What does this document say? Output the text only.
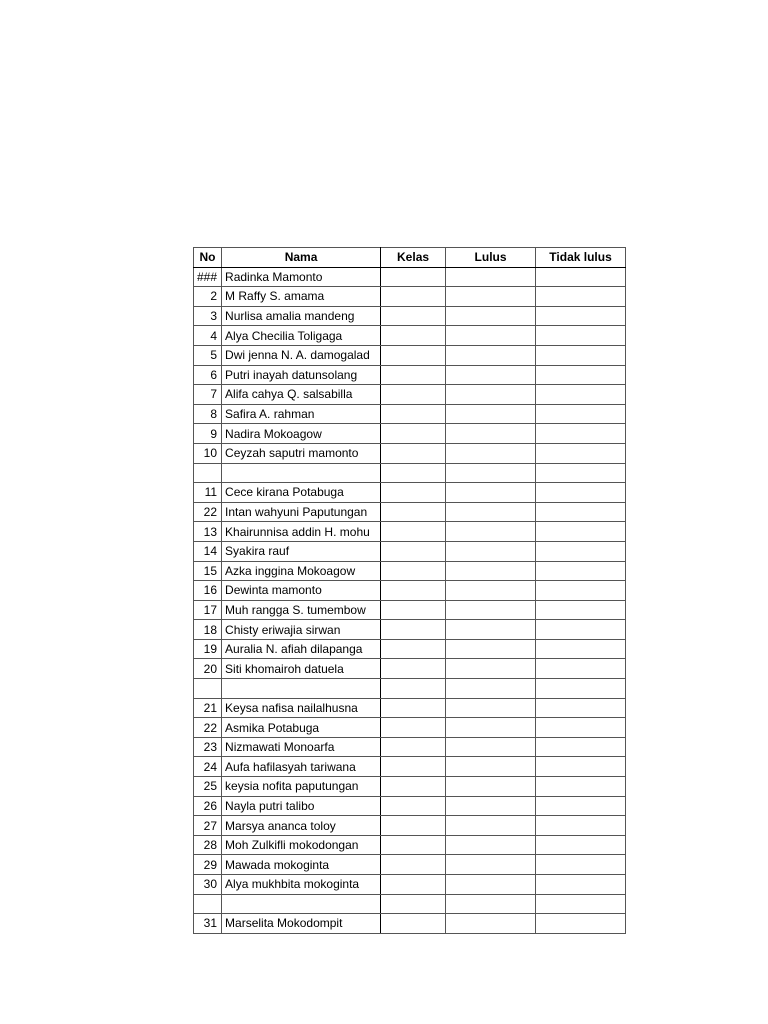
No	Nama	Kelas	Lulus	Tidak lulus
###	Radinka Mamonto			
2	M Raffy S. amama			
3	Nurlisa amalia mandeng			
4	Alya Checilia Toligaga			
5	Dwi jenna N. A. damogalad			
6	Putri inayah datunsolang			
7	Alifa cahya Q. salsabilla			
8	Safira A. rahman			
9	Nadira Mokoagow			
10	Ceyzah saputri mamonto			

11	Cece kirana Potabuga			
22	Intan wahyuni Paputungan			
13	Khairunnisa addin H. mohu			
14	Syakira rauf			
15	Azka inggina Mokoagow			
16	Dewinta mamonto			
17	Muh rangga S. tumembow			
18	Chisty eriwajia sirwan			
19	Auralia N. afiah dilapanga			
20	Siti khomairoh datuela			

21	Keysa nafisa nailalhusna			
22	Asmika Potabuga			
23	Nizmawati Monoarfa			
24	Aufa hafilasyah tariwana			
25	keysia nofita paputungan			
26	Nayla putri talibo			
27	Marsya ananca toloy			
28	Moh Zulkifli mokodongan			
29	Mawada mokoginta			
30	Alya mukhbita mokoginta			

31	Marselita Mokodompit			
